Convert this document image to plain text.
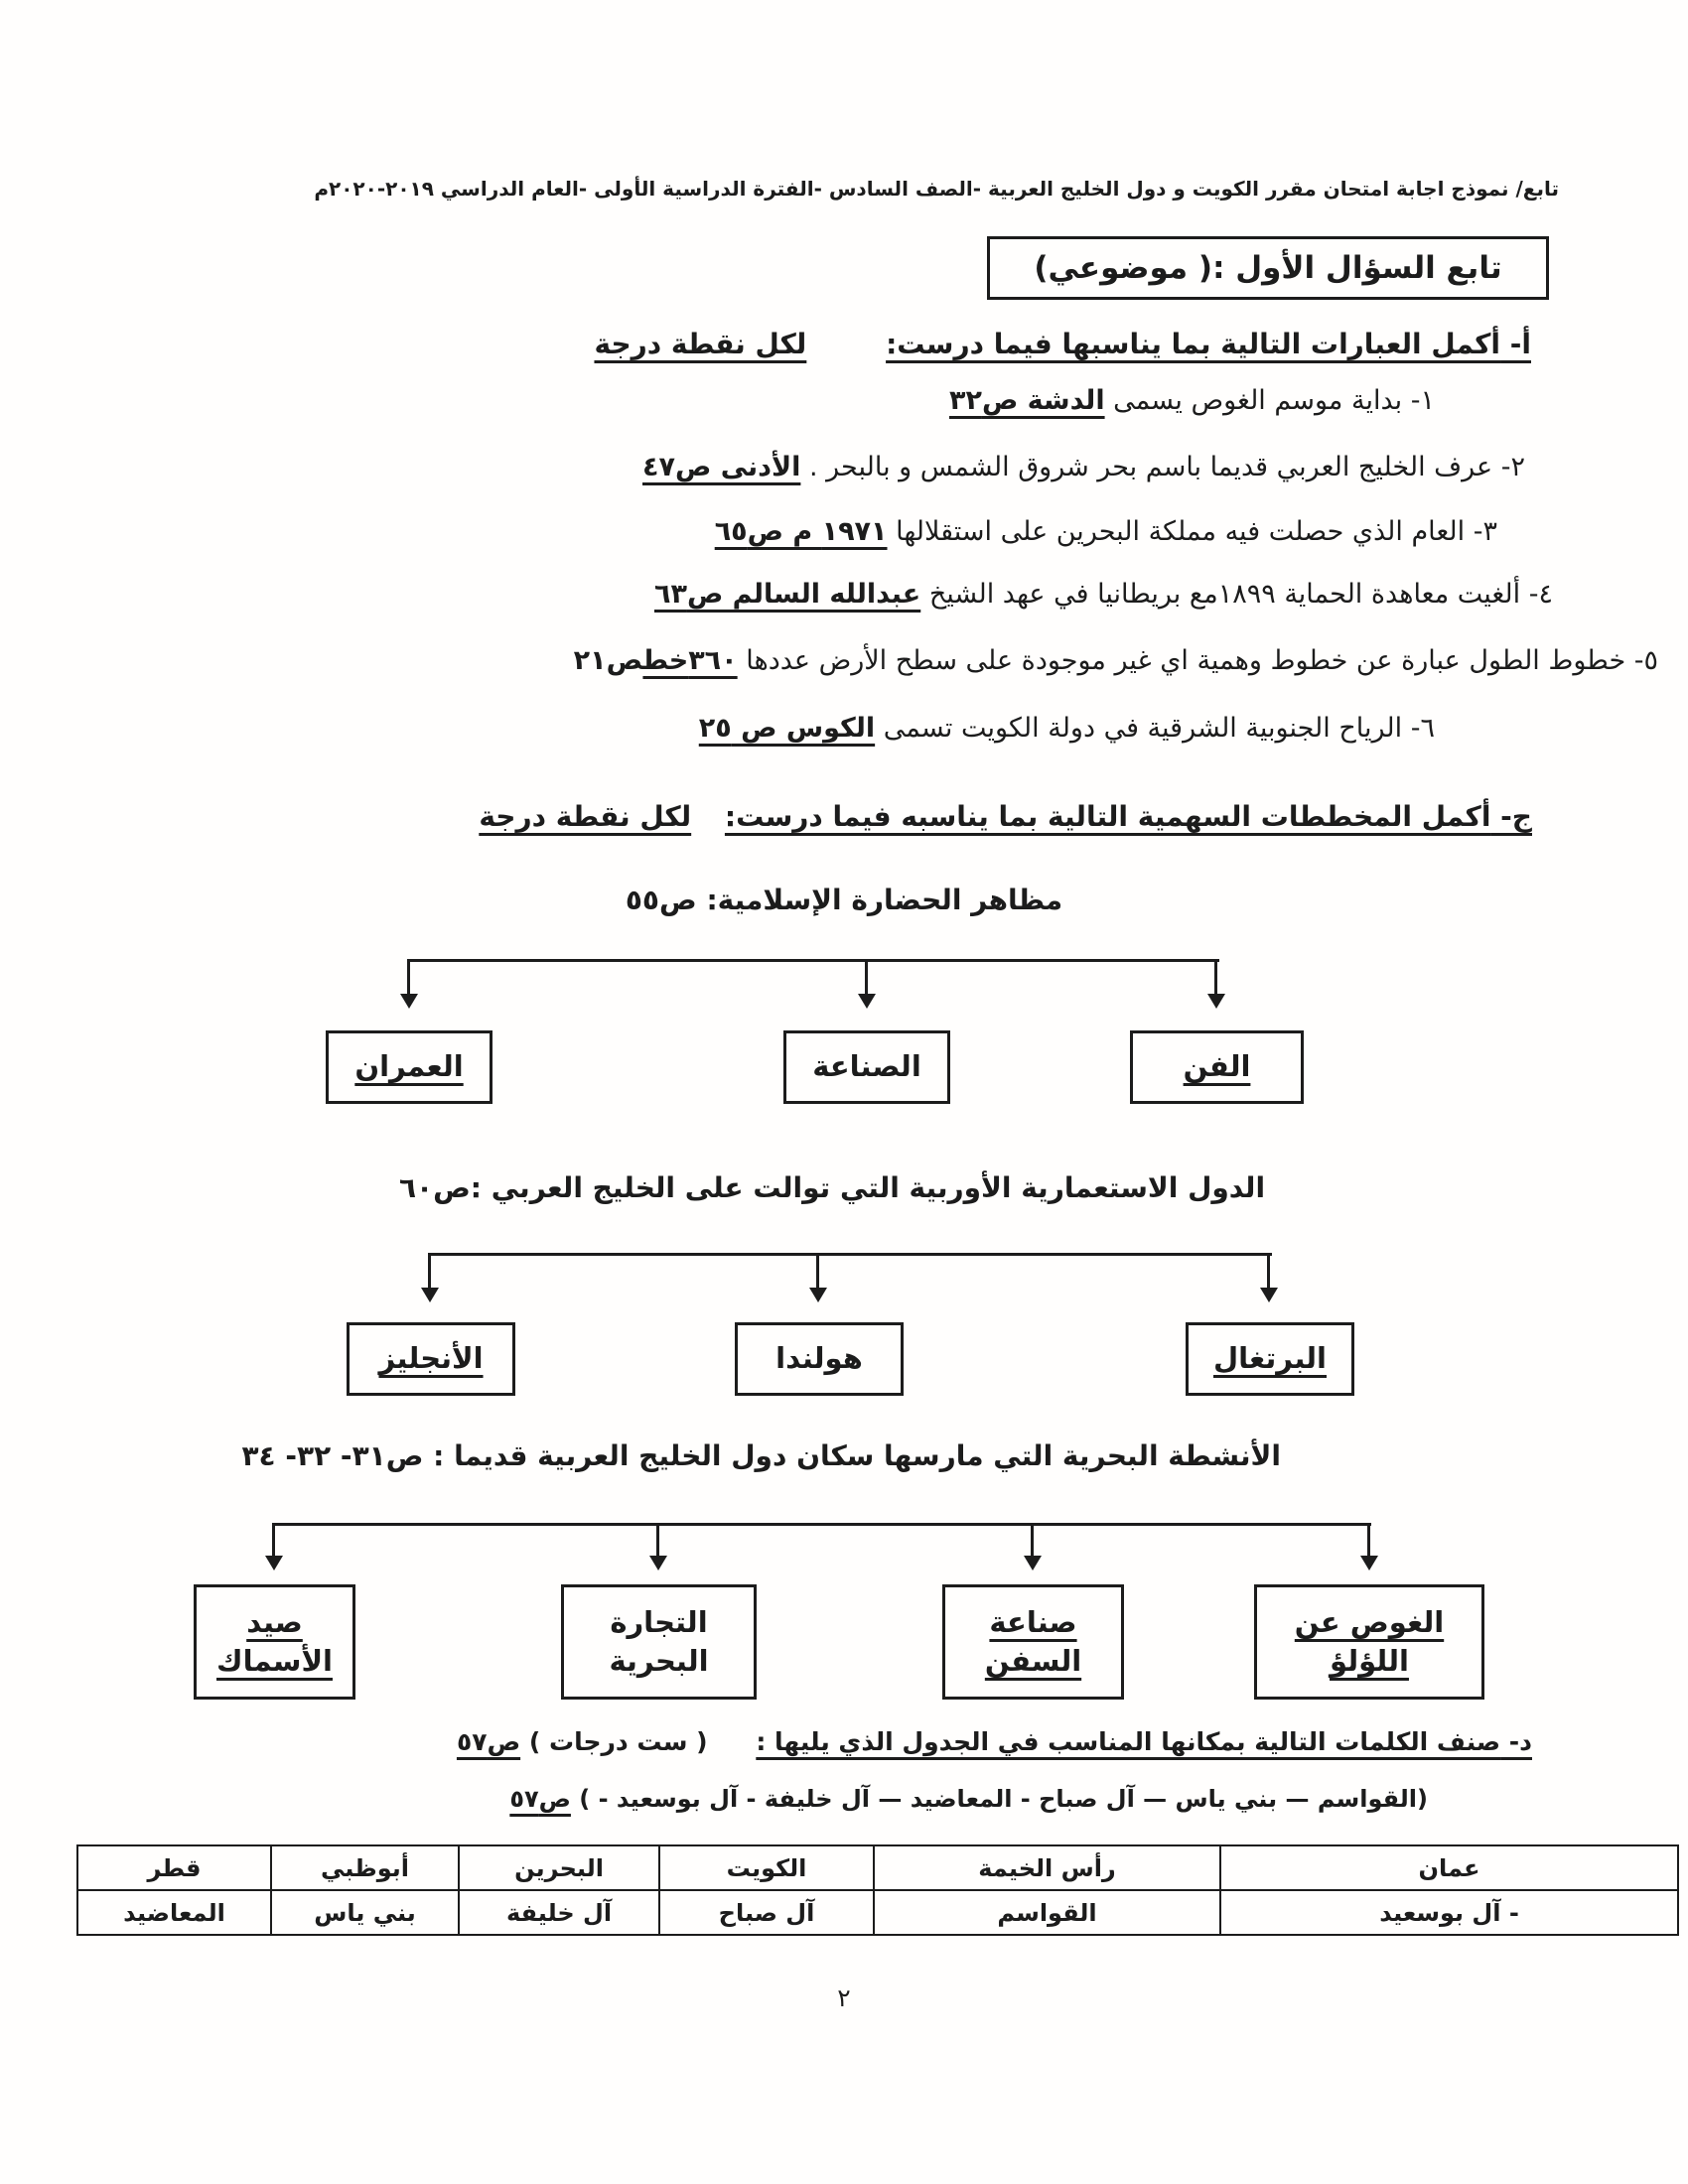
تابع/ نموذج اجابة امتحان مقرر الكويت و دول الخليج العربية -الصف السادس -الفترة الدراسية الأولى -العام الدراسي ٢٠١٩-٢٠٢٠م
تابع السؤال الأول :( موضوعي)
أ- أكمل العبارات التالية بما يناسبها فيما درست: لكل نقطة درجة
١- بداية موسم الغوص يسمى الدشة ص٣٢
٢- عرف الخليج العربي قديما باسم بحر شروق الشمس و بالبحر . الأدنى ص٤٧
٣- العام الذي حصلت فيه مملكة البحرين على استقلالها ١٩٧١ م ص٦٥
٤- ألغيت معاهدة الحماية ١٨٩٩مع بريطانيا في عهد الشيخ عبدالله السالم ص٦٣
٥- خطوط الطول عبارة عن خطوط وهمية اي غير موجودة على سطح الأرض عددها ٣٦٠خطص٢١
٦- الرياح الجنوبية الشرقية في دولة الكويت تسمى الكوس ص ٢٥
ج- أكمل المخططات السهمية التالية بما يناسبه فيما درست: لكل نقطة درجة
مظاهر الحضارة الإسلامية: ص٥٥
الفن
الصناعة
العمران
الدول الاستعمارية الأوربية التي توالت على الخليج العربي :ص٦٠
البرتغال
هولندا
الأنجليز
الأنشطة البحرية التي مارسها سكان دول الخليج العربية قديما : ص٣١- ٣٢- ٣٤
الغوص عن اللؤلؤ
صناعة السفن
التجارة البحرية
صيد الأسماك
د- صنف الكلمات التالية بمكانها المناسب في الجدول الذي يليها : ( ست درجات ) ص٥٧
(القواسم — بني ياس — آل صباح - المعاضيد — آل خليفة - آل بوسعيد - ) ص٥٧
عمان	رأس الخيمة	الكويت	البحرين	أبوظبي	قطر
- آل بوسعيد	القواسم	آل صباح	آل خليفة	بني ياس	المعاضيد
٢
